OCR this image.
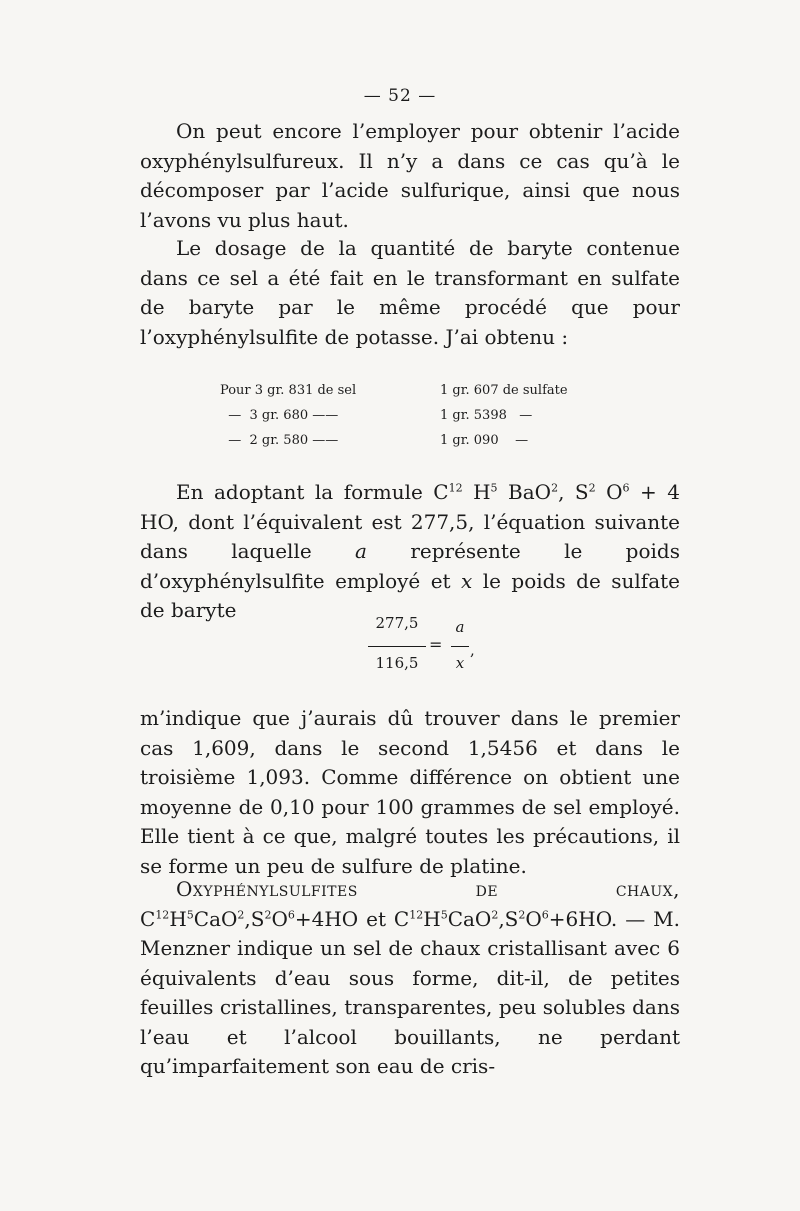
— 52 —

On peut encore l’employer pour obtenir l’acide oxyphénylsulfureux. Il n’y a dans ce cas qu’à le décomposer par l’acide sulfurique, ainsi que nous l’avons vu plus haut.

Le dosage de la quantité de baryte contenue dans ce sel a été fait en le transformant en sulfate de baryte par le même procédé que pour l’oxyphénylsulfite de potasse. J’ai obtenu :

Pour 3 gr. 831 de sel	1 gr. 607 de sulfate
—  3 gr. 680 ——	1 gr. 5398   —
—  2 gr. 580 ——	1 gr. 090    —

En adoptant la formule $C^{12}$ $H^5$ BaO$^2$, $S^2$ $O^6 + 4$ HO, dont l’équivalent est 277,5, l’équation suivante dans laquelle a représente le poids d’oxyphénylsulfite employé et x le poids de sulfate de baryte

277,5
116,5
=
a
x
,

m’indique que j’aurais dû trouver dans le premier cas 1,609, dans le second 1,5456 et dans le troisième 1,093. Comme différence on obtient une moyenne de 0,10 pour 100 grammes de sel employé. Elle tient à ce que, malgré toutes les précautions, il se forme un peu de sulfure de platine.

Oxyphénylsulfites de chaux, $C^{12}H^5CaO^2,S^2O^6+4HO$ et $C^{12}H^5CaO^2,S^2O^6+6HO$. — M. Menzner indique un sel de chaux cristallisant avec 6 équivalents d’eau sous forme, dit-il, de petites feuilles cristallines, transparentes, peu solubles dans l’eau et l’alcool bouillants, ne perdant qu’imparfaitement son eau de cris-
